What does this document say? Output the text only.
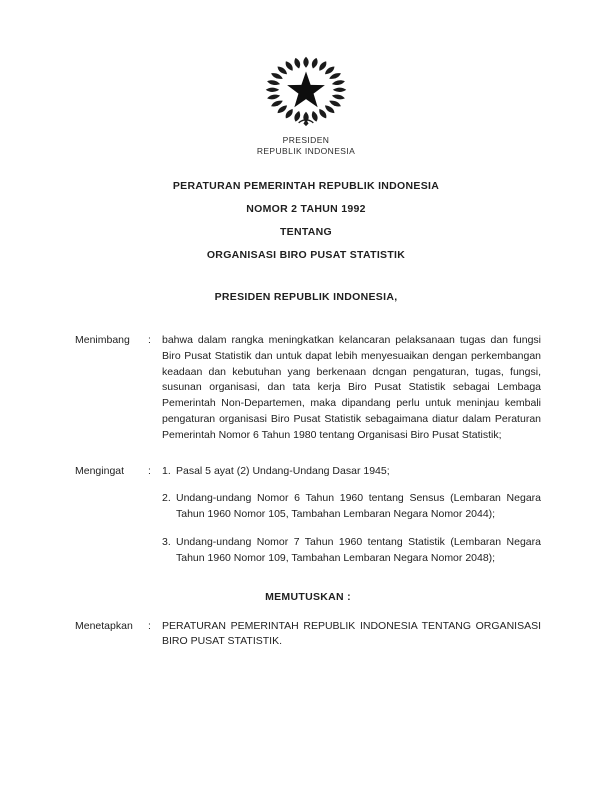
PRESIDEN
REPUBLIK INDONESIA

PERATURAN PEMERINTAH REPUBLIK INDONESIA

NOMOR 2 TAHUN 1992

TENTANG

ORGANISASI BIRO PUSAT STATISTIK

PRESIDEN REPUBLIK INDONESIA,

Menimbang	:	bahwa dalam rangka meningkatkan kelancaran pelaksanaan tugas dan fungsi Biro Pusat Statistik dan untuk dapat lebih menyesuaikan dengan perkembangan keadaan dan kebutuhan yang berkenaan dcngan pengaturan, tugas, fungsi, susunan organisasi, dan tata kerja Biro Pusat Statistik sebagai Lembaga Pemerintah Non-Departemen, maka dipandang perlu untuk meninjau kembali pengaturan organisasi Biro Pusat Statistik sebagaimana diatur dalam Peraturan Pemerintah Nomor 6 Tahun 1980 tentang Organisasi Biro Pusat Statistik;
Mengingat	:	1. Pasal 5 ayat (2) Undang-Undang Dasar 1945;
2. Undang-undang Nomor 6 Tahun 1960 tentang Sensus (Lembaran Negara Tahun 1960 Nomor 105, Tambahan Lembaran Negara Nomor 2044);
3. Undang-undang Nomor 7 Tahun 1960 tentang Statistik (Lembaran Negara Tahun 1960 Nomor 109, Tambahan Lembaran Negara Nomor 2048);

MEMUTUSKAN :

Menetapkan	:	PERATURAN PEMERINTAH REPUBLIK INDONESIA TENTANG ORGANISASI BIRO PUSAT STATISTIK.
